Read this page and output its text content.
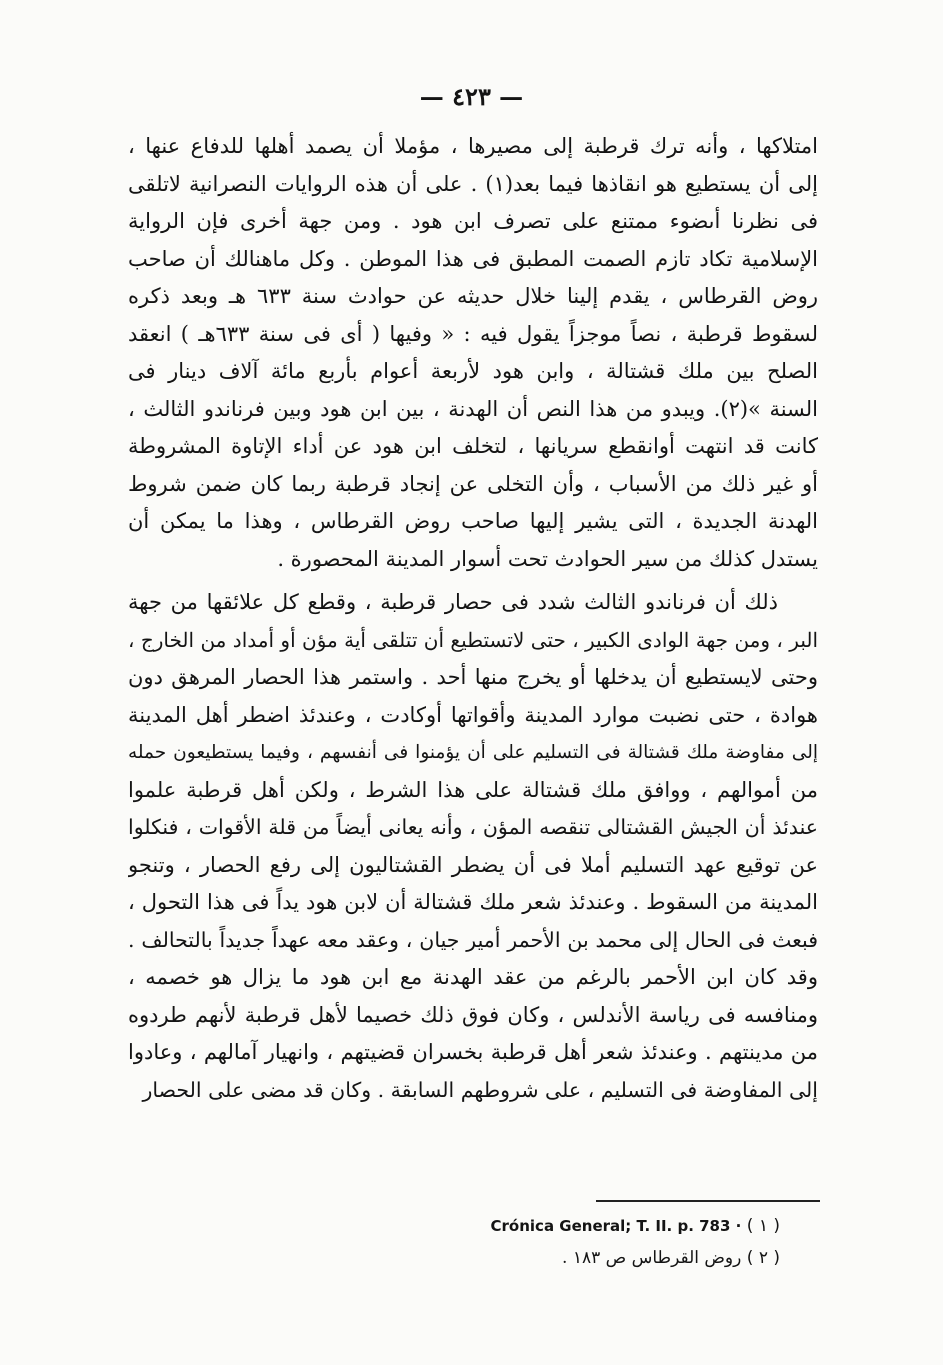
— ٤٢٣ —
امتلاكها ، وأنه ترك قرطبة إلى مصيرها ، مؤملا أن يصمد أهلها للدفاع عنها ،
إلى أن يستطيع هو انقاذها فيما بعد(١) . على أن هذه الروايات النصرانية لاتلقى
فى نظرنا أىضوء ممتنع على تصرف ابن هود . ومن جهة أخرى فإن الرواية
الإسلامية تكاد تازم الصمت المطبق فى هذا الموطن . وكل ماهنالك أن صاحب
روض القرطاس ، يقدم إلينا خلال حديثه عن حوادث سنة ٦٣٣ هـ وبعد ذكره
لسقوط قرطبة ، نصاً موجزاً يقول فيه : « وفيها ( أى فى سنة ٦٣٣هـ ) انعقد
الصلح بين ملك قشتالة ، وابن هود لأربعة أعوام بأربع مائة آلاف دينار فى
السنة »(٢). ويبدو من هذا النص أن الهدنة ، بين ابن هود وبين فرناندو الثالث ،
كانت قد انتهت أوانقطع سريانها ، لتخلف ابن هود عن أداء الإتاوة المشروطة
أو غير ذلك من الأسباب ، وأن التخلى عن إنجاد قرطبة ربما كان ضمن شروط
الهدنة الجديدة ، التى يشير إليها صاحب روض القرطاس ، وهذا ما يمكن أن
يستدل كذلك من سير الحوادث تحت أسوار المدينة المحصورة .
ذلك أن فرناندو الثالث شدد فى حصار قرطبة ، وقطع كل علائقها من جهة
البر ، ومن جهة الوادى الكبير ، حتى لاتستطيع أن تتلقى أية مؤن أو أمداد من الخارج ،
وحتى لايستطيع أن يدخلها أو يخرج منها أحد . واستمر هذا الحصار المرهق دون
هوادة ، حتى نضبت موارد المدينة وأقواتها أوكادت ، وعندئذ اضطر أهل المدينة
إلى مفاوضة ملك قشتالة فى التسليم على أن يؤمنوا فى أنفسهم ، وفيما يستطيعون حمله
من أموالهم ، ووافق ملك قشتالة على هذا الشرط ، ولكن أهل قرطبة علموا
عندئذ أن الجيش القشتالى تنقصه المؤن ، وأنه يعانى أيضاً من قلة الأقوات ، فنكلوا
عن توقيع عهد التسليم أملا فى أن يضطر القشتاليون إلى رفع الحصار ، وتنجو
المدينة من السقوط . وعندئذ شعر ملك قشتالة أن لابن هود يداً فى هذا التحول ،
فبعث فى الحال إلى محمد بن الأحمر أمير جيان ، وعقد معه عهداً جديداً بالتحالف .
وقد كان ابن الأحمر بالرغم من عقد الهدنة مع ابن هود ما يزال هو خصمه ،
ومنافسه فى رياسة الأندلس ، وكان فوق ذلك خصيما لأهل قرطبة لأنهم طردوه
من مدينتهم . وعندئذ شعر أهل قرطبة بخسران قضيتهم ، وانهيار آمالهم ، وعادوا
إلى المفاوضة فى التسليم ، على شروطهم السابقة . وكان قد مضى على الحصار
( ١ ) Crónica General; T. II. p. 783 ·
( ٢ ) روض القرطاس ص ١٨٣ .
